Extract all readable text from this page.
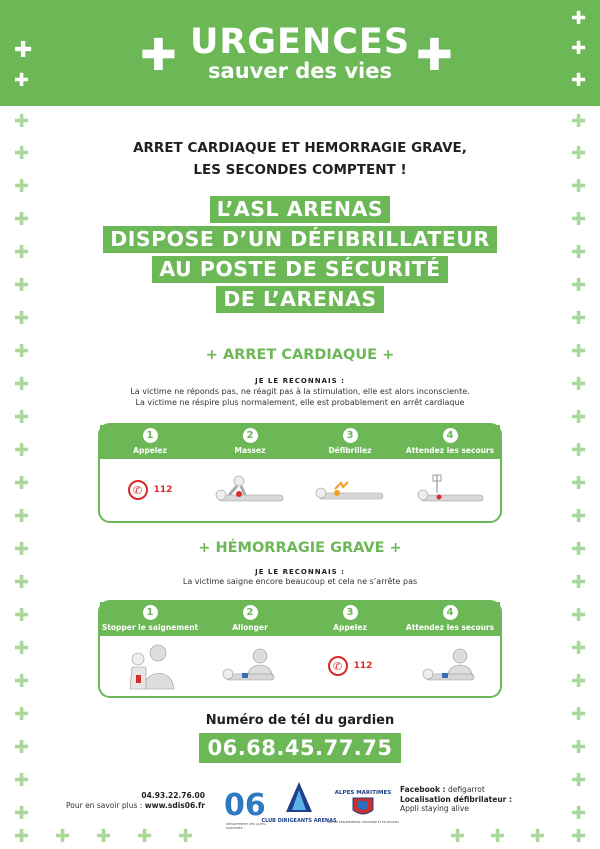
✚
✚
✚
✚
✚	✚	✚
URGENCES
sauver des vies
✚	✚
✚	✚
✚	✚
✚	✚
✚	✚
✚	✚
✚	✚
✚	✚
✚	✚
✚	✚
✚	✚
✚	✚
✚	✚
✚	✚
✚	✚
✚	✚
✚	✚
✚	✚
✚	✚
✚	✚
✚	✚
✚	✚
✚ ✚ ✚ ✚ ✚	✚ ✚ ✚ ✚
ARRET CARDIAQUE ET HEMORRAGIE GRAVE,
LES SECONDES COMPTENT !
L’ASL ARENAS
DISPOSE D’UN DÉFIBRILLATEUR
AU POSTE DE SÉCURITÉ
DE L’ARENAS
+ ARRET CARDIAQUE +
JE LE RECONNAIS :
La victime ne réponds pas, ne réagit pas à la stimulation, elle est alors inconsciente.
La victime ne réspire plus normalement, elle est probablement en arrêt cardiaque
1
Appelez
2
Massez
3
Défibrillez
4
Attendez les secours
✆	112
+ HÉMORRAGIE GRAVE +
JE LE RECONNAIS :
La victime saigne encore beaucoup et cela ne s’arrête pas
1
Stopper le saignement
2
Allonger
3
Appelez
4
Attendez les secours
✆	112
Numéro de tél du gardien
06.68.45.77.75
04.93.22.76.00
Pour en savoir plus : www.sdis06.fr 06
DÉPARTEMENT DES ALPES-MARITIMES
CLUB DIRIGEANTS ARENAS
ALPES MARITIMES
SERVICE DÉPARTEMENTAL D'INCENDIE ET DE SECOURS
Facebook : defigarrot
Localisation défibrilateur :
Appli staying alive
